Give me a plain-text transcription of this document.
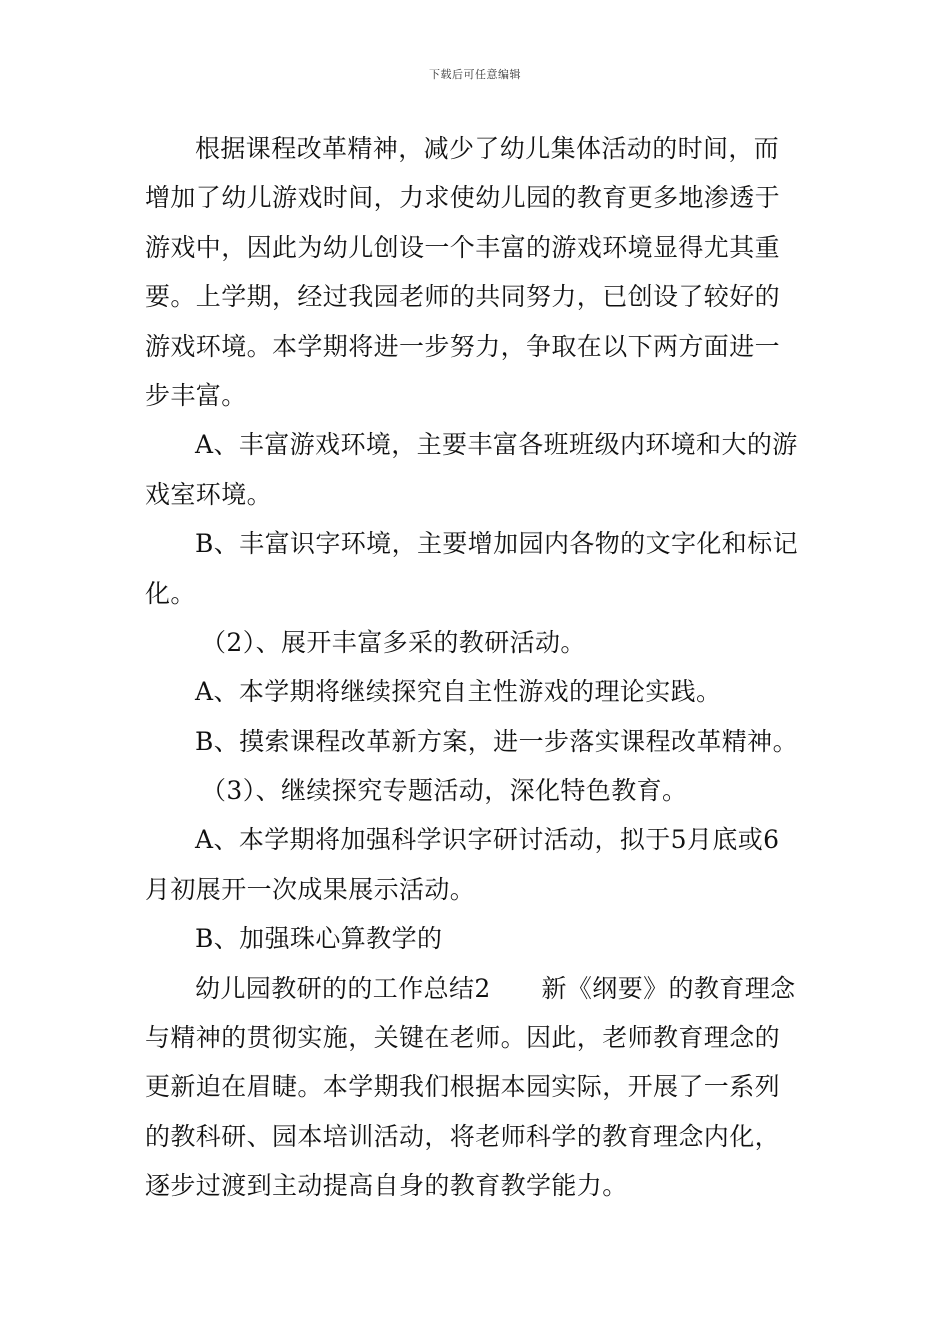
下载后可任意编辑
根据课程改革精神，减少了幼儿集体活动的时间，而
增加了幼儿游戏时间，力求使幼儿园的教育更多地渗透于
游戏中，因此为幼儿创设一个丰富的游戏环境显得尤其重
要。上学期，经过我园老师的共同努力，已创设了较好的
游戏环境。本学期将进一步努力，争取在以下两方面进一
步丰富。
A、丰富游戏环境，主要丰富各班班级内环境和大的游
戏室环境。
B、丰富识字环境，主要增加园内各物的文字化和标记
化。
（2）、展开丰富多采的教研活动。
A、本学期将继续探究自主性游戏的理论实践。
B、摸索课程改革新方案，进一步落实课程改革精神。
（3）、继续探究专题活动，深化特色教育。
A、本学期将加强科学识字研讨活动，拟于5月底或6
月初展开一次成果展示活动。
B、加强珠心算教学的
幼儿园教研的的工作总结2　　新《纲要》的教育理念
与精神的贯彻实施，关键在老师。因此，老师教育理念的
更新迫在眉睫。本学期我们根据本园实际，开展了一系列
的教科研、园本培训活动，将老师科学的教育理念内化，
逐步过渡到主动提高自身的教育教学能力。
